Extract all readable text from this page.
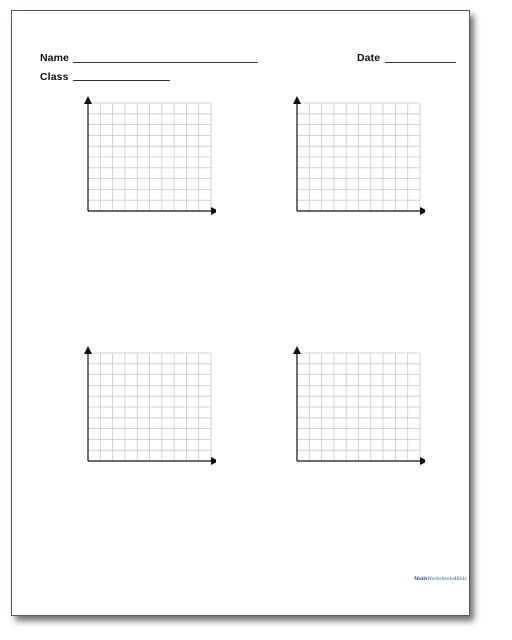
Name	Date
Class
MathWorksheets4Kids
